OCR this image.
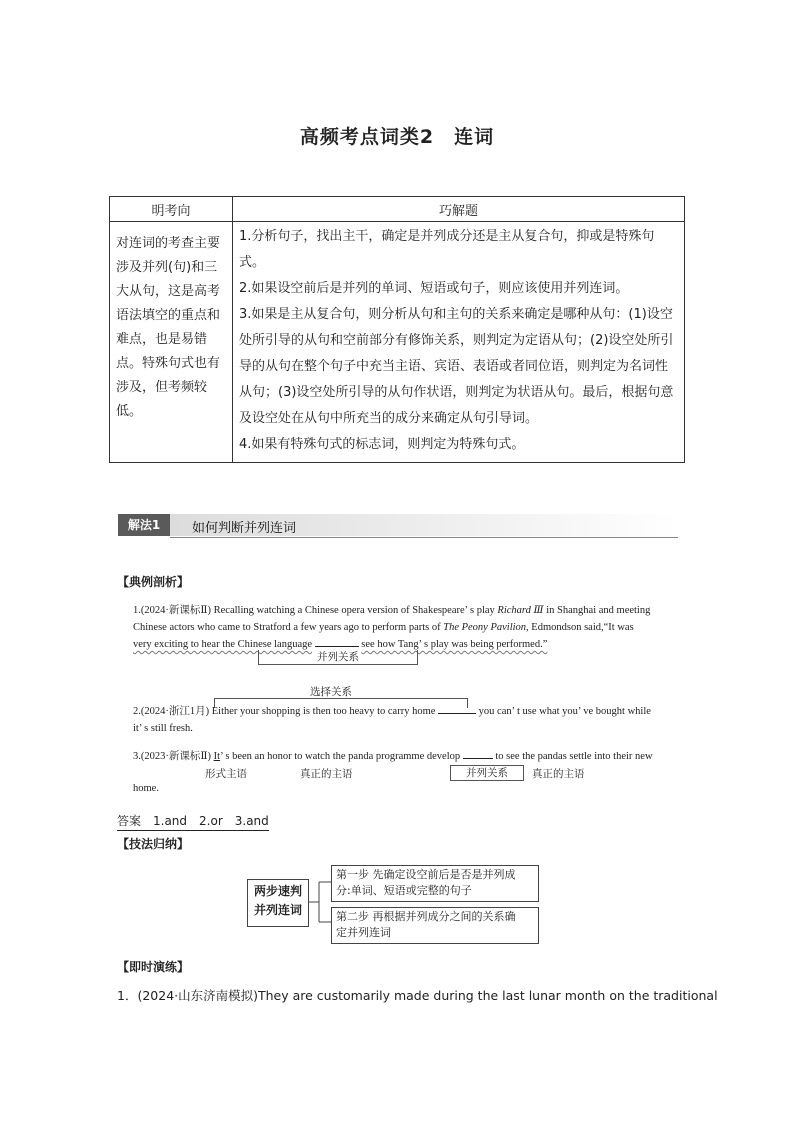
高频考点词类2　连词
明考向	巧解题
对连词的考查主要涉及并列(句)和三大从句，这是高考语法填空的重点和难点，也是易错点。特殊句式也有涉及，但考频较低。	1.分析句子，找出主干，确定是并列成分还是主从复合句，抑或是特殊句式。

2.如果设空前后是并列的单词、短语或句子，则应该使用并列连词。

3.如果是主从复合句，则分析从句和主句的关系来确定是哪种从句：(1)设空处所引导的从句和空前部分有修饰关系，则判定为定语从句；(2)设空处所引导的从句在整个句子中充当主语、宾语、表语或者同位语，则判定为名词性从句；(3)设空处所引导的从句作状语，则判定为状语从句。最后，根据句意及设空处在从句中所充当的成分来确定从句引导词。

4.如果有特殊句式的标志词，则判定为特殊句式。

解法1	如何判断并列连词
【典例剖析】
1.(2024·新课标Ⅱ) Recalling watching a Chinese opera version of Shakespeare’ s play Richard Ⅲ in Shanghai and meeting
Chinese actors who came to Stratford a few years ago to perform parts of The Peony Pavilion, Edmondson said,“It was
very exciting to hear the Chinese language	see how Tang’ s play was being performed.”
并列关系
选择关系
2.(2024·浙江1月) Either your shopping is then too heavy to carry home	you can’ t use what you’ ve bought while
it’ s still fresh.
3.(2023·新课标Ⅱ) It’ s been an honor to watch the panda programme develop	to see the pandas settle into their new
home.
形式主语	真正的主语	并列关系	真正的主语
答案　1.and　2.or　3.and
【技法归纳】
两步速判
并列连词
第一步 先确定设空前后是否是并列成
分:单词、短语或完整的句子
第二步 再根据并列成分之间的关系确
定并列连词
【即时演练】
1．(2024·山东济南模拟)They are customarily made during the last lunar month on the traditional
